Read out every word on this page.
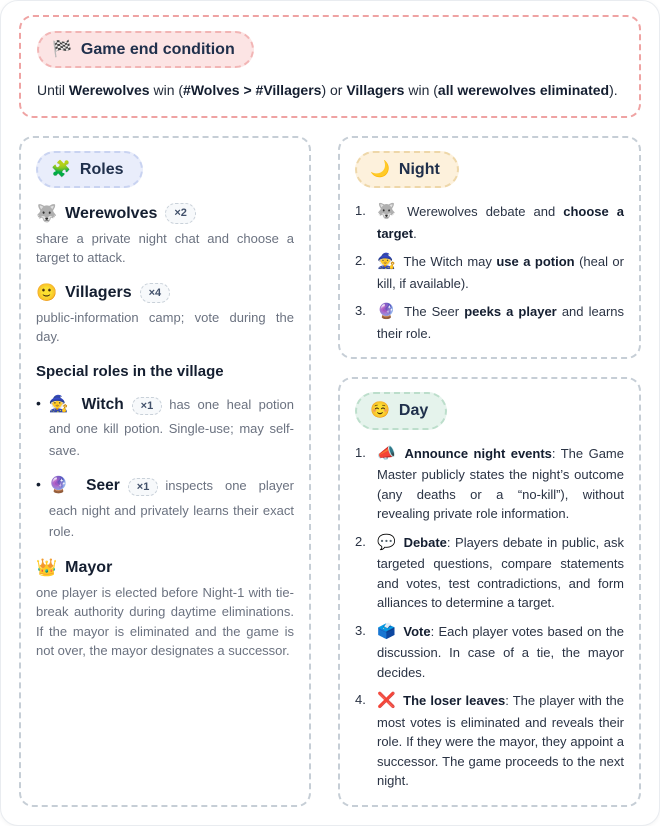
🏁 Game end condition
Until Werewolves win (#Wolves > #Villagers) or Villagers win (all werewolves eliminated).
🧩 Roles
🐺 Werewolves	×2
share a private night chat and choose a target to attack.
🙂 Villagers	×4
public-information camp; vote during the day.
Special roles in the village
• 🧙 Witch ×1 has one heal potion and one kill potion. Single-use; may self-save.
• 🔮 Seer ×1 inspects one player each night and privately learns their exact role.
👑 Mayor
one player is elected before Night-1 with tie-break authority during daytime eliminations. If the mayor is eliminated and the game is not over, the mayor designates a successor.
🌙 Night
1. 🐺 Werewolves debate and choose a target.
2. 🧙 The Witch may use a potion (heal or kill, if available).
3. 🔮 The Seer peeks a player and learns their role.
☺️ Day
1. 📣 Announce night events: The Game Master publicly states the night’s outcome (any deaths or a “no-kill”), without revealing private role information.
2. 💬 Debate: Players debate in public, ask targeted questions, compare statements and votes, test contradictions, and form alliances to determine a target.
3. 🗳️ Vote: Each player votes based on the discussion. In case of a tie, the mayor decides.
4. ❌ The loser leaves: The player with the most votes is eliminated and reveals their role. If they were the mayor, they appoint a successor. The game proceeds to the next night.
